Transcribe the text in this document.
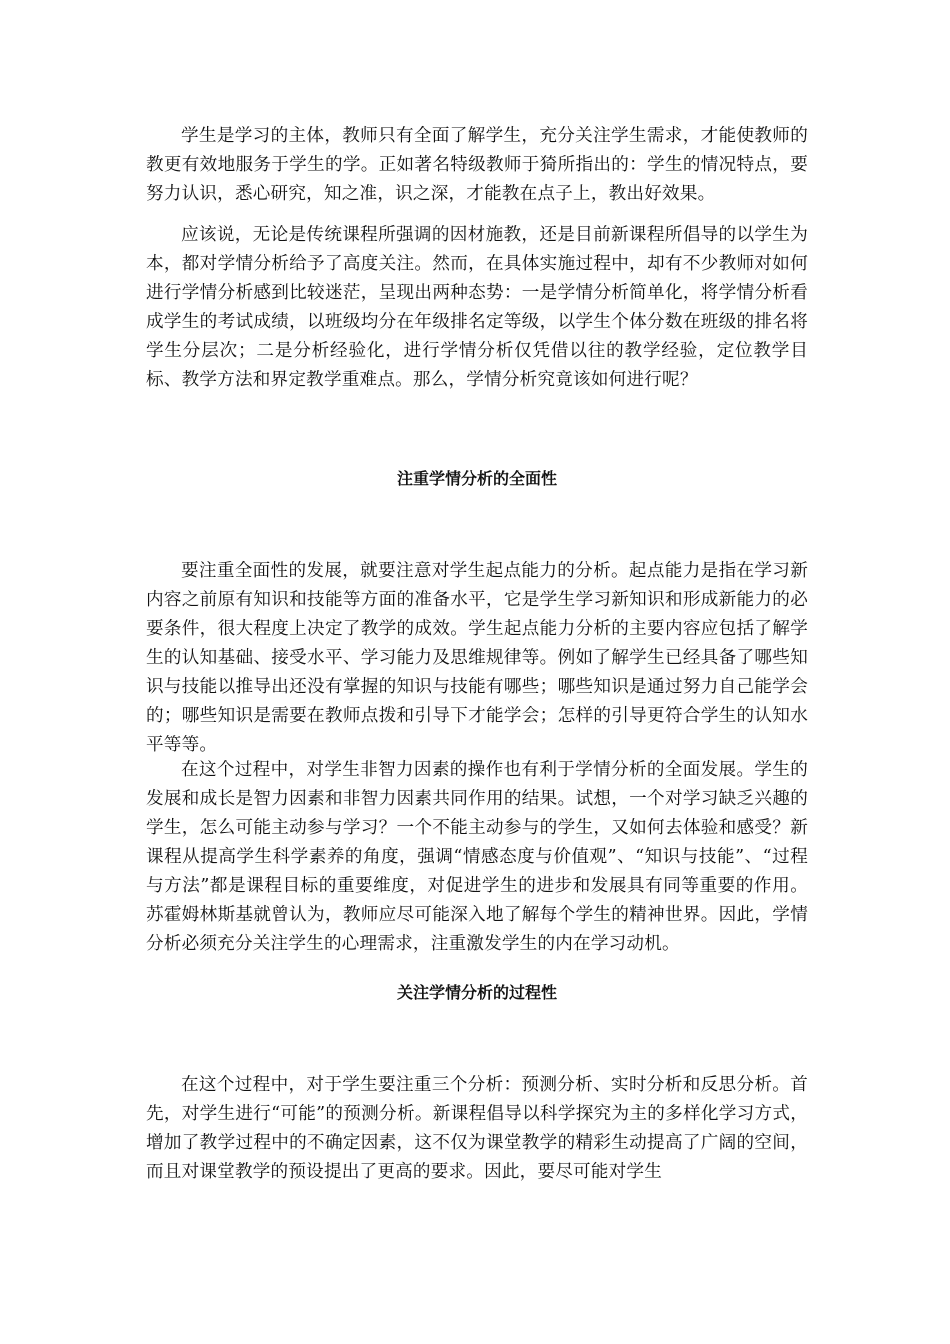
学生是学习的主体，教师只有全面了解学生，充分关注学生需求，才能使教师的教更有效地服务于学生的学。正如著名特级教师于猗所指出的：学生的情况特点，要努力认识，悉心研究，知之准，识之深，才能教在点子上，教出好效果。

应该说，无论是传统课程所强调的因材施教，还是目前新课程所倡导的以学生为本，都对学情分析给予了高度关注。然而，在具体实施过程中，却有不少教师对如何进行学情分析感到比较迷茫，呈现出两种态势：一是学情分析简单化，将学情分析看成学生的考试成绩，以班级均分在年级排名定等级，以学生个体分数在班级的排名将学生分层次；二是分析经验化，进行学情分析仅凭借以往的教学经验，定位教学目标、教学方法和界定教学重难点。那么，学情分析究竟该如何进行呢？

注重学情分析的全面性

要注重全面性的发展，就要注意对学生起点能力的分析。起点能力是指在学习新内容之前原有知识和技能等方面的准备水平，它是学生学习新知识和形成新能力的必要条件，很大程度上决定了教学的成效。学生起点能力分析的主要内容应包括了解学生的认知基础、接受水平、学习能力及思维规律等。例如了解学生已经具备了哪些知识与技能以推导出还没有掌握的知识与技能有哪些；哪些知识是通过努力自己能学会的；哪些知识是需要在教师点拨和引导下才能学会；怎样的引导更符合学生的认知水平等等。

在这个过程中，对学生非智力因素的操作也有利于学情分析的全面发展。学生的发展和成长是智力因素和非智力因素共同作用的结果。试想，一个对学习缺乏兴趣的学生，怎么可能主动参与学习？一个不能主动参与的学生，又如何去体验和感受？新课程从提高学生科学素养的角度，强调“情感态度与价值观”、“知识与技能”、“过程与方法”都是课程目标的重要维度，对促进学生的进步和发展具有同等重要的作用。苏霍姆林斯基就曾认为，教师应尽可能深入地了解每个学生的精神世界。因此，学情分析必须充分关注学生的心理需求，注重激发学生的内在学习动机。

关注学情分析的过程性

在这个过程中，对于学生要注重三个分析：预测分析、实时分析和反思分析。首先，对学生进行“可能”的预测分析。新课程倡导以科学探究为主的多样化学习方式，增加了教学过程中的不确定因素，这不仅为课堂教学的精彩生动提高了广阔的空间，而且对课堂教学的预设提出了更高的要求。因此，要尽可能对学生
